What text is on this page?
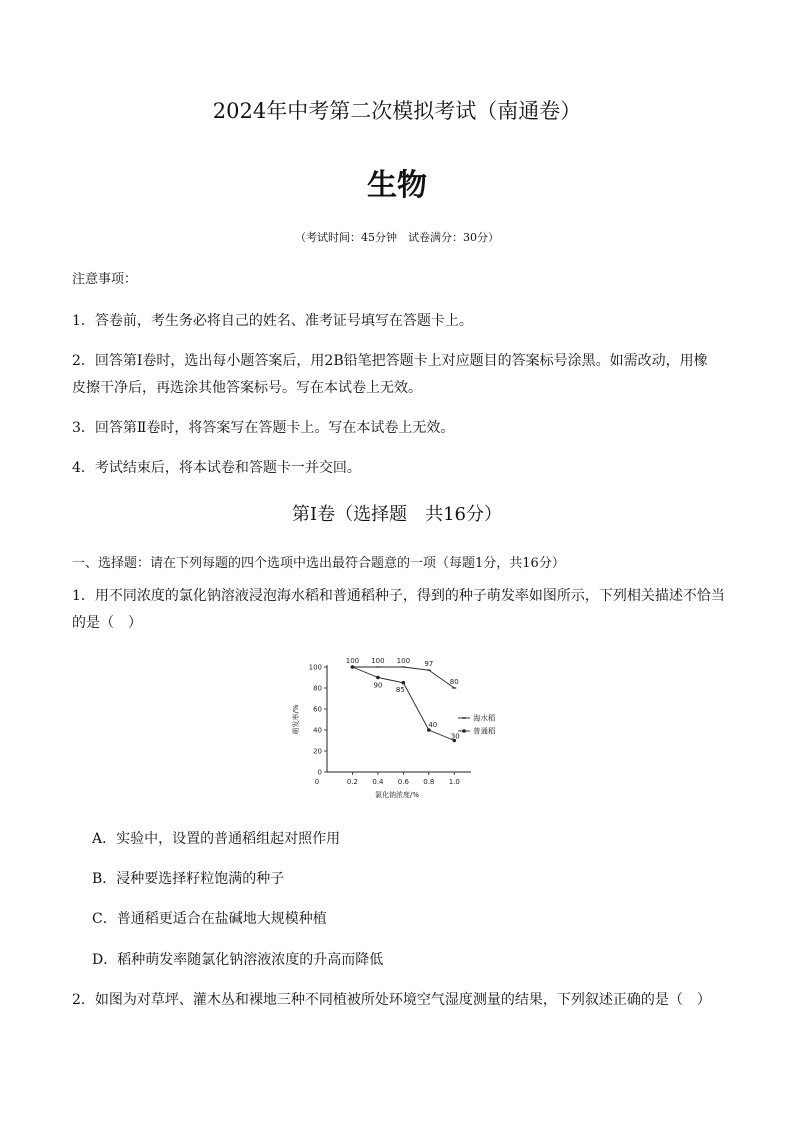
2024年中考第二次模拟考试（南通卷）
生物
（考试时间：45分钟　试卷满分：30分）
注意事项：
1．答卷前，考生务必将自己的姓名、准考证号填写在答题卡上。
2．回答第Ⅰ卷时，选出每小题答案后，用2B铅笔把答题卡上对应题目的答案标号涂黑。如需改动，用橡
皮擦干净后，再选涂其他答案标号。写在本试卷上无效。
3．回答第Ⅱ卷时，将答案写在答题卡上。写在本试卷上无效。
4．考试结束后，将本试卷和答题卡一并交回。
第Ⅰ卷（选择题　共16分）
一、选择题：请在下列每题的四个选项中选出最符合题意的一项（每题1分，共16分）
1．用不同浓度的氯化钠溶液浸泡海水稻和普通稻种子，得到的种子萌发率如图所示，下列相关描述不恰当
的是（　）
0	0.2 0.4 0.6 0.8 1.0
0
20
40
60
80
100
氯化钠浓度/%
萌发率/%
100 100 100 97
80
90
85
40
30
海水稻
普通稻
A．实验中，设置的普通稻组起对照作用
B．浸种要选择籽粒饱满的种子
C．普通稻更适合在盐碱地大规模种植
D．稻种萌发率随氯化钠溶液浓度的升高而降低
2．如图为对草坪、灌木丛和裸地三种不同植被所处环境空气湿度测量的结果，下列叙述正确的是（　）
